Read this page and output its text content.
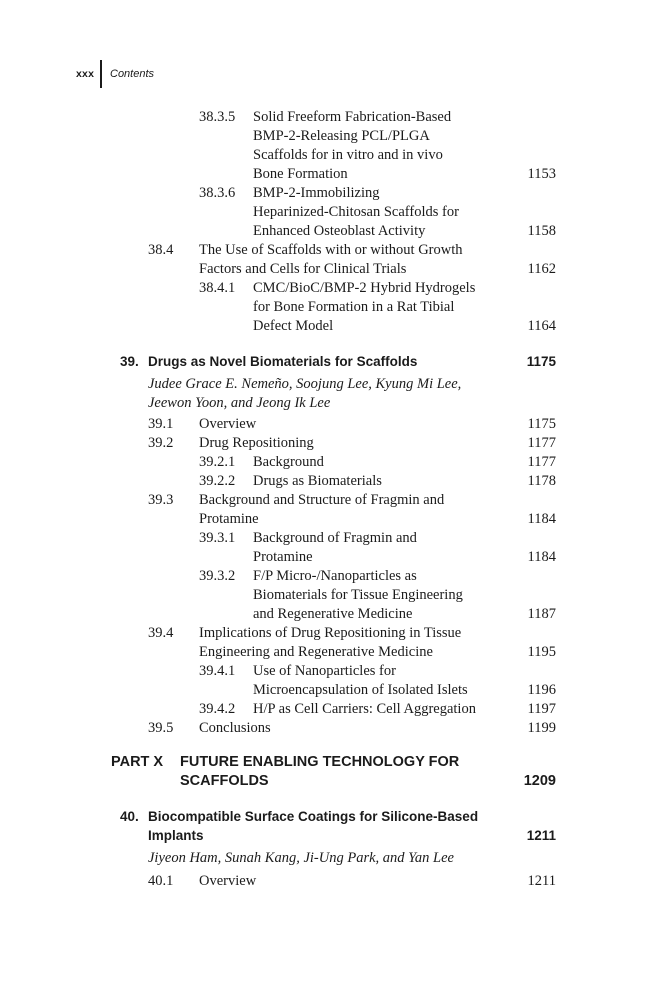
xxx Contents
38.3.5 Solid Freeform Fabrication-Based
BMP-2-Releasing PCL/PLGA
Scaffolds for in vitro and in vivo
Bone Formation	1153
38.3.6 BMP-2-Immobilizing
Heparinized-Chitosan Scaffolds for
Enhanced Osteoblast Activity	1158
38.4 The Use of Scaffolds with or without Growth
Factors and Cells for Clinical Trials	1162
38.4.1 CMC/BioC/BMP-2 Hybrid Hydrogels
for Bone Formation in a Rat Tibial
Defect Model	1164
39. Drugs as Novel Biomaterials for Scaffolds	1175
Judee Grace E. Nemeño, Soojung Lee, Kyung Mi Lee,
Jeewon Yoon, and Jeong Ik Lee
39.1 Overview	1175
39.2 Drug Repositioning	1177
39.2.1 Background	1177
39.2.2 Drugs as Biomaterials	1178
39.3 Background and Structure of Fragmin and
Protamine	1184
39.3.1 Background of Fragmin and
Protamine	1184
39.3.2 F/P Micro-/Nanoparticles as
Biomaterials for Tissue Engineering
and Regenerative Medicine	1187
39.4 Implications of Drug Repositioning in Tissue
Engineering and Regenerative Medicine	1195
39.4.1 Use of Nanoparticles for
Microencapsulation of Isolated Islets	1196
39.4.2 H/P as Cell Carriers: Cell Aggregation	1197
39.5 Conclusions	1199
PART X FUTURE ENABLING TECHNOLOGY FOR
SCAFFOLDS	1209
40. Biocompatible Surface Coatings for Silicone-Based
Implants	1211
Jiyeon Ham, Sunah Kang, Ji-Ung Park, and Yan Lee
40.1 Overview	1211
